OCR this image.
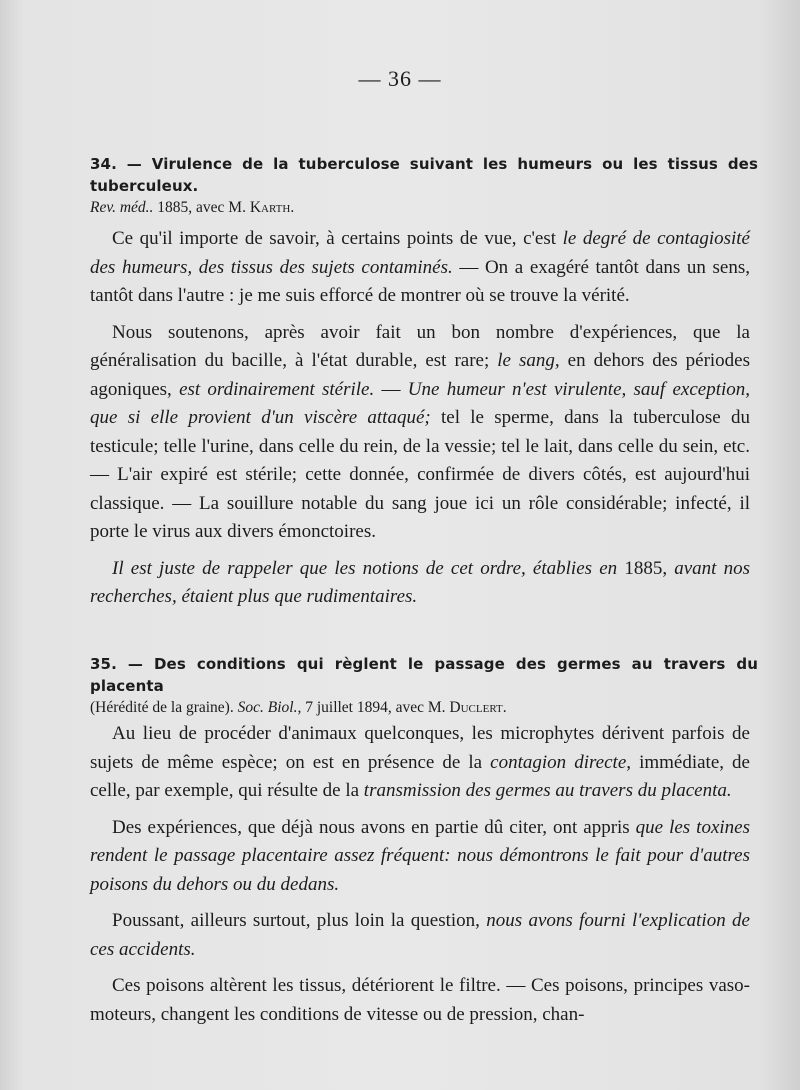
— 36 —
34. — Virulence de la tuberculose suivant les humeurs ou les tissus des tuberculeux.
Rev. méd.. 1885, avec M. Karth.

Ce qu'il importe de savoir, à certains points de vue, c'est le degré de contagiosité des humeurs, des tissus des sujets contaminés. — On a exagéré tantôt dans un sens, tantôt dans l'autre : je me suis efforcé de montrer où se trouve la vérité.

Nous soutenons, après avoir fait un bon nombre d'expériences, que la généralisation du bacille, à l'état durable, est rare; le sang, en dehors des périodes agoniques, est ordinairement stérile. — Une humeur n'est virulente, sauf exception, que si elle provient d'un viscère attaqué; tel le sperme, dans la tuberculose du testicule; telle l'urine, dans celle du rein, de la vessie; tel le lait, dans celle du sein, etc. — L'air expiré est stérile; cette donnée, confirmée de divers côtés, est aujourd'hui classique. — La souillure notable du sang joue ici un rôle considérable; infecté, il porte le virus aux divers émonctoires.

Il est juste de rappeler que les notions de cet ordre, établies en 1885, avant nos recherches, étaient plus que rudimentaires.

35. — Des conditions qui règlent le passage des germes au travers du placenta
(Hérédité de la graine). Soc. Biol., 7 juillet 1894, avec M. Duclert.

Au lieu de procéder d'animaux quelconques, les microphytes dérivent parfois de sujets de même espèce; on est en présence de la contagion directe, immédiate, de celle, par exemple, qui résulte de la transmission des germes au travers du placenta.

Des expériences, que déjà nous avons en partie dû citer, ont appris que les toxines rendent le passage placentaire assez fréquent: nous démontrons le fait pour d'autres poisons du dehors ou du dedans.

Poussant, ailleurs surtout, plus loin la question, nous avons fourni l'explication de ces accidents.

Ces poisons altèrent les tissus, détériorent le filtre. — Ces poisons, principes vaso-moteurs, changent les conditions de vitesse ou de pression, chan-
